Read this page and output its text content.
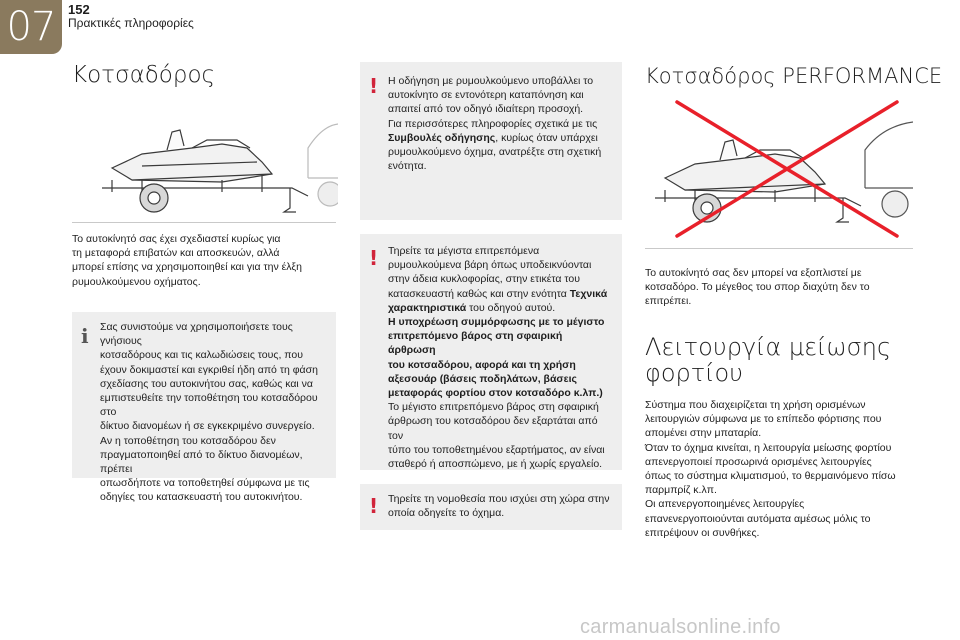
07 152
Πρακτικές πληροφορίες
Κοτσαδόρος
Το αυτοκίνητό σας έχει σχεδιαστεί κυρίως για
τη μεταφορά επιβατών και αποσκευών, αλλά
μπορεί επίσης να χρησιμοποιηθεί και για την έλξη
ρυμουλκούμενου οχήματος.
i Σας συνιστούμε να χρησιμοποιήσετε τους γνήσιους

κοτσαδόρους και τις καλωδιώσεις τους, που

έχουν δοκιμαστεί και εγκριθεί ήδη από τη φάση

σχεδίασης του αυτοκινήτου σας, καθώς και να

εμπιστευθείτε την τοποθέτηση του κοτσαδόρου στο

δίκτυο διανομέων ή σε εγκεκριμένο συνεργείο.

Αν η τοποθέτηση του κοτσαδόρου δεν

πραγματοποιηθεί από το δίκτυο διανομέων, πρέπει

οπωσδήποτε να τοποθετηθεί σύμφωνα με τις

οδηγίες του κατασκευαστή του αυτοκινήτου.

! Η οδήγηση με ρυμουλκούμενο υποβάλλει το

αυτοκίνητο σε εντονότερη καταπόνηση και

απαιτεί από τον οδηγό ιδιαίτερη προσοχή.

Για περισσότερες πληροφορίες σχετικά με τις

Συμβουλές οδήγησης, κυρίως όταν υπάρχει

ρυμουλκούμενο όχημα, ανατρέξτε στη σχετική

ενότητα.

! Τηρείτε τα μέγιστα επιτρεπόμενα

ρυμουλκούμενα βάρη όπως υποδεικνύονται

στην άδεια κυκλοφορίας, στην ετικέτα του

κατασκευαστή καθώς και στην ενότητα Τεχνικά

χαρακτηριστικά του οδηγού αυτού.

Η υποχρέωση συμμόρφωσης με το μέγιστο

επιτρεπόμενο βάρος στη σφαιρική άρθρωση

του κοτσαδόρου, αφορά και τη χρήση

αξεσουάρ (βάσεις ποδηλάτων, βάσεις

μεταφοράς φορτίου στον κοτσαδόρο κ.λπ.)

Το μέγιστο επιτρεπόμενο βάρος στη σφαιρική

άρθρωση του κοτσαδόρου δεν εξαρτάται από τον

τύπο του τοποθετημένου εξαρτήματος, αν είναι

σταθερό ή αποσπώμενο, με ή χωρίς εργαλείο.

! Τηρείτε τη νομοθεσία που ισχύει στη χώρα στην

οποία οδηγείτε το όχημα.

Κοτσαδόρος PERFORMANCE
Το αυτοκίνητό σας δεν μπορεί να εξοπλιστεί με
κοτσαδόρο. Το μέγεθος του σπορ διαχύτη δεν το
επιτρέπει.
Λειτουργία μείωσης
φορτίου
Σύστημα που διαχειρίζεται τη χρήση ορισμένων
λειτουργιών σύμφωνα με το επίπεδο φόρτισης που
απομένει στην μπαταρία.
Όταν το όχημα κινείται, η λειτουργία μείωσης φορτίου
απενεργοποιεί προσωρινά ορισμένες λειτουργίες
όπως το σύστημα κλιματισμού, το θερμαινόμενο πίσω
παρμπρίζ κ.λπ.
Οι απενεργοποιημένες λειτουργίες
επανενεργοποιούνται αυτόματα αμέσως μόλις το
επιτρέψουν οι συνθήκες.
carmanualsonline.info
